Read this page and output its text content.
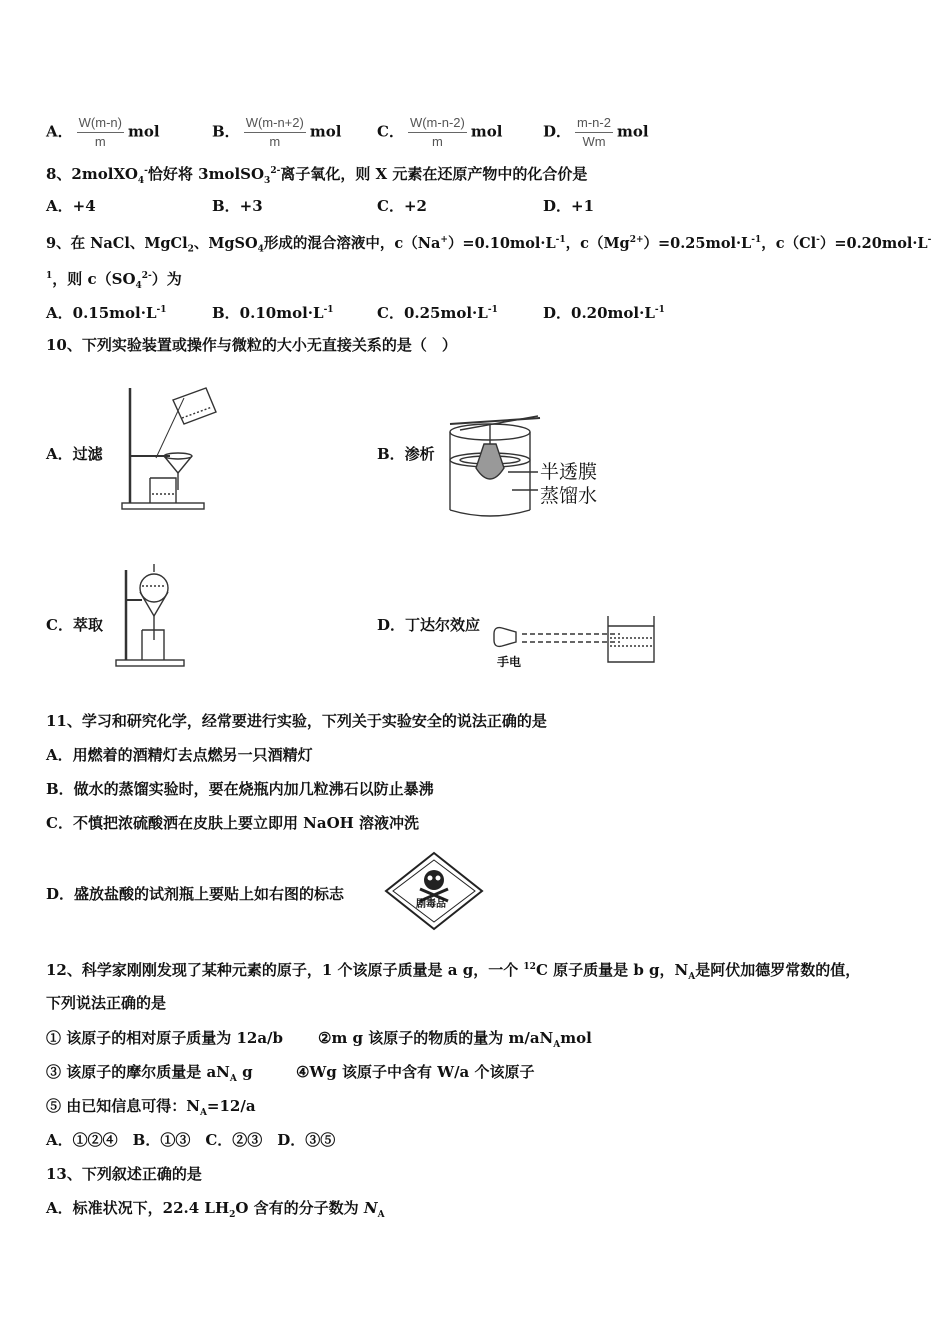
A． $\frac{W(m-n)}{m}$ mol	B． $\frac{W(m-n+2)}{m}$ mol C． $\frac{W(m-n-2)}{m}$ mol	D． $\frac{m-n-2}{Wm}$ mol
8、2molXO$_4$-恰好将 3molSO$_3^{2-}$离子氧化，则 X 元素在还原产物中的化合价是
A．+4	B．+3	C．+2	D．+1
9、在 NaCl、MgCl$_2$、MgSO$_4$形成的混合溶液中，$c(Na^+)=0.10mol\cdot L^{-1}$，$c(Mg^{2+})=0.25mol\cdot L^{-1}$，c（Cl-）=0.20mol·L-
$^1$，则 $c(SO_4^{2-})$为
A．$0.15mol\cdot L^{-1}$	B．$0.10mol\cdot L^{-1}$	C．$0.25mol\cdot L^{-1}$	D．$0.20mol\cdot L^{-1}$
10、下列实验装置或操作与微粒的大小无直接关系的是（　）
A．过滤	B．渗析
C．萃取	D．丁达尔效应
半透膜
蒸馏水
手电
11、学习和研究化学，经常要进行实验，下列关于实验安全的说法正确的是
A．用燃着的酒精灯去点燃另一只酒精灯
B．做水的蒸馏实验时，要在烧瓶内加几粒沸石以防止暴沸
C．不慎把浓硫酸洒在皮肤上要立即用 NaOH 溶液冲洗
D．盛放盐酸的试剂瓶上要贴上如右图的标志
剧毒品
12、科学家刚刚发现了某种元素的原子，1 个该原子质量是 a g，一个 $^{12}$C 原子质量是 b g，$N_A$是阿伏加德罗常数的值，
下列说法正确的是
① 该原子的相对原子质量为 12a/b ②m g 该原子的物质的量为 $m/aN_Amol$
③ 该原子的摩尔质量是 $aN_A$ g	④Wg 该原子中含有 W/a 个该原子
⑤ 由已知信息可得：$N_A=12/a$
A．①②④　B．①③　C．②③　D．③⑤
13、下列叙述正确的是
A．标准状况下，22.4 $LH_2O$ 含有的分子数为 $N_A$
